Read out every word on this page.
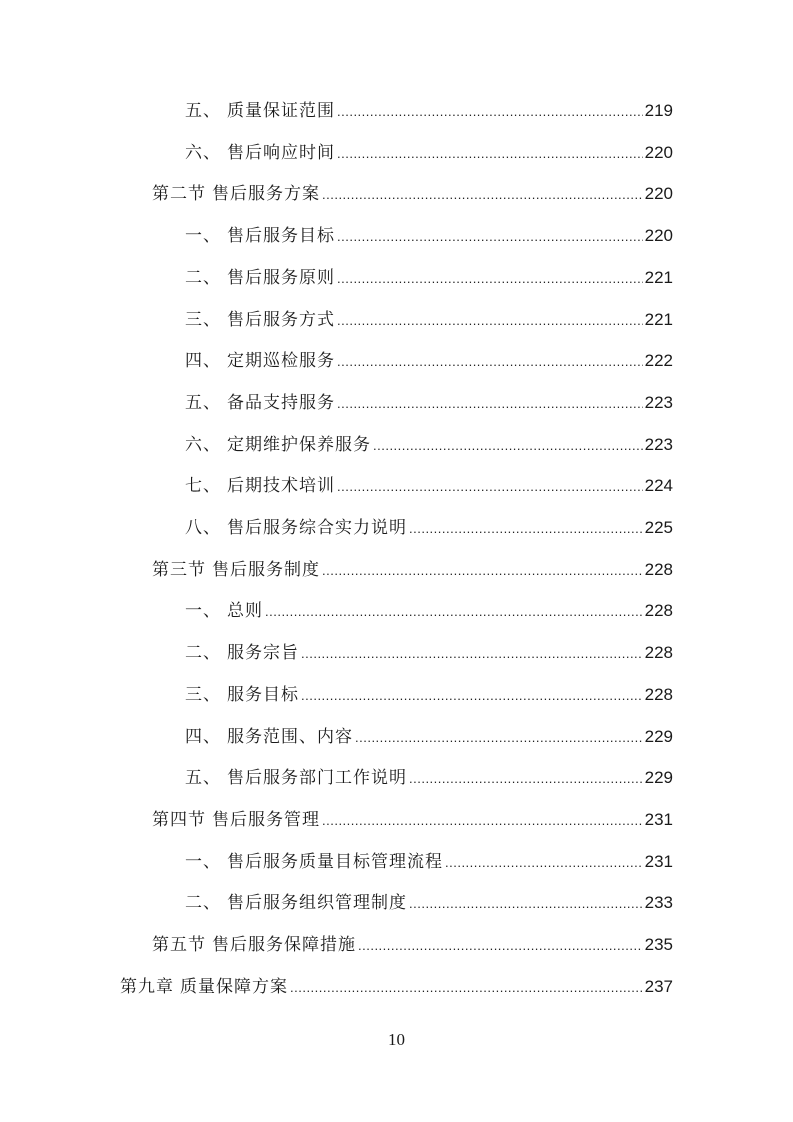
五、 质量保证范围 .....	219
六、 售后响应时间 .....	220
第二节 售后服务方案 .....	220
一、 售后服务目标 .....	220
二、 售后服务原则 .....	221
三、 售后服务方式 .....	221
四、 定期巡检服务 .....	222
五、 备品支持服务 .....	223
六、 定期维护保养服务 .....	223
七、 后期技术培训 .....	224
八、 售后服务综合实力说明 .....	225
第三节 售后服务制度 .....	228
一、 总则 .....	228
二、 服务宗旨 .....	228
三、 服务目标 .....	228
四、 服务范围、内容 .....	229
五、 售后服务部门工作说明 .....	229
第四节 售后服务管理 .....	231
一、 售后服务质量目标管理流程 .....	231
二、 售后服务组织管理制度 .....	233
第五节 售后服务保障措施 .....	235
第九章 质量保障方案 .....	237
10
